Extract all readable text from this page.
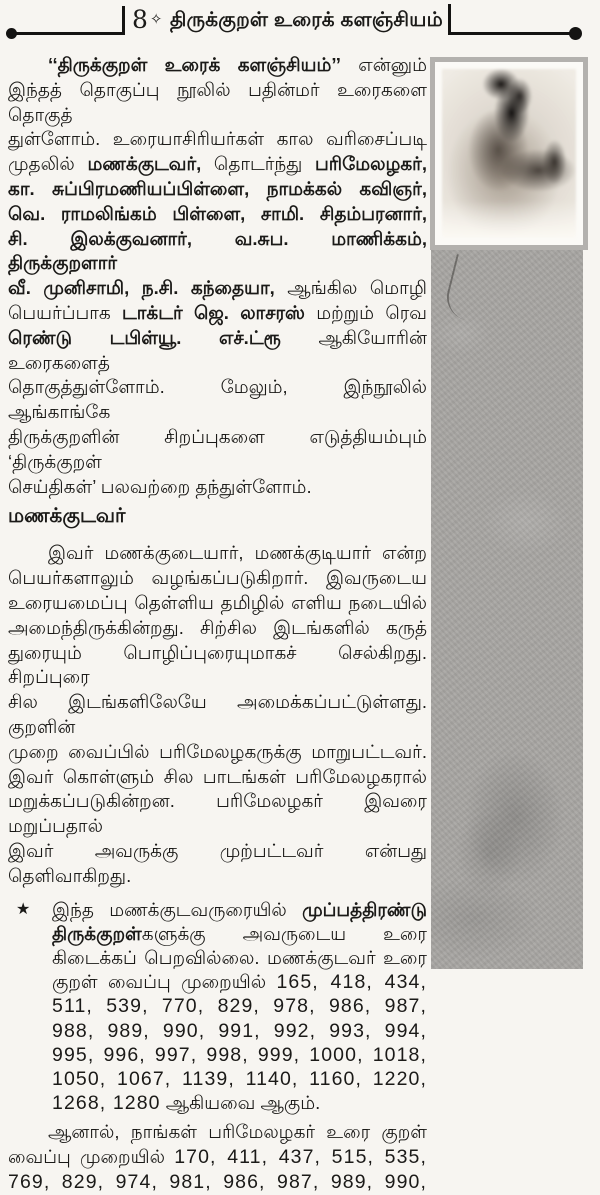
8 ✧ திருக்குறள் உரைக் களஞ்சியம்
‘‘திருக்குறள் உரைக் களஞ்சியம்’’ என்னும்
இந்தத் தொகுப்பு நூலில் பதின்மர் உரைகளை தொகுத்
துள்ளோம். உரையாசிரியர்கள் கால வரிசைப்படி
முதலில் மணக்குடவர், தொடர்ந்து பரிமேலழகர்,
கா. சுப்பிரமணியப்பிள்ளை, நாமக்கல் கவிஞர்,
வெ. ராமலிங்கம் பிள்ளை, சாமி. சிதம்பரனார்,
சி. இலக்குவனார், வ.சுப. மாணிக்கம், திருக்குறளார்
வீ. முனிசாமி, ந.சி. கந்தையா, ஆங்கில மொழி
பெயர்ப்பாக டாக்டர் ஜெ. லாசரஸ் மற்றும் ரெவ
ரெண்டு டபிள்யூ. எச்.ட்ரூ ஆகியோரின் உரைகளைத்
தொகுத்துள்ளோம். மேலும், இந்நூலில் ஆங்காங்கே
திருக்குறளின் சிறப்புகளை எடுத்தியம்பும் ‘திருக்குறள்
செய்திகள்’ பலவற்றை தந்துள்ளோம்.
மணக்குடவர்
இவர் மணக்குடையார், மணக்குடியார் என்ற
பெயர்களாலும் வழங்கப்படுகிறார். இவருடைய
உரையமைப்பு தெள்ளிய தமிழில் எளிய நடையில்
அமைந்திருக்கின்றது. சிற்சில இடங்களில் கருத்
துரையும் பொழிப்புரையுமாகச் செல்கிறது. சிறப்புரை
சில இடங்களிலேயே அமைக்கப்பட்டுள்ளது. குறளின்
முறை வைப்பில் பரிமேலழகருக்கு மாறுபட்டவர்.
இவர் கொள்ளும் சில பாடங்கள் பரிமேலழகரால்
மறுக்கப்படுகின்றன. பரிமேலழகர் இவரை மறுப்பதால்
இவர் அவருக்கு முற்பட்டவர் என்பது தெளிவாகிறது.
★ இந்த மணக்குடவருரையில் முப்பத்திரண்டு
திருக்குறள்களுக்கு அவருடைய உரை
கிடைக்கப் பெறவில்லை. மணக்குடவர் உரை
குறள் வைப்பு முறையில் 165, 418, 434,
511, 539, 770, 829, 978, 986, 987,
988, 989, 990, 991, 992, 993, 994,
995, 996, 997, 998, 999, 1000, 1018,
1050, 1067, 1139, 1140, 1160, 1220,
1268, 1280 ஆகியவை ஆகும்.
ஆனால், நாங்கள் பரிமேலழகர் உரை குறள்
வைப்பு முறையில் 170, 411, 437, 515, 535,
769, 829, 974, 981, 986, 987, 989, 990,
